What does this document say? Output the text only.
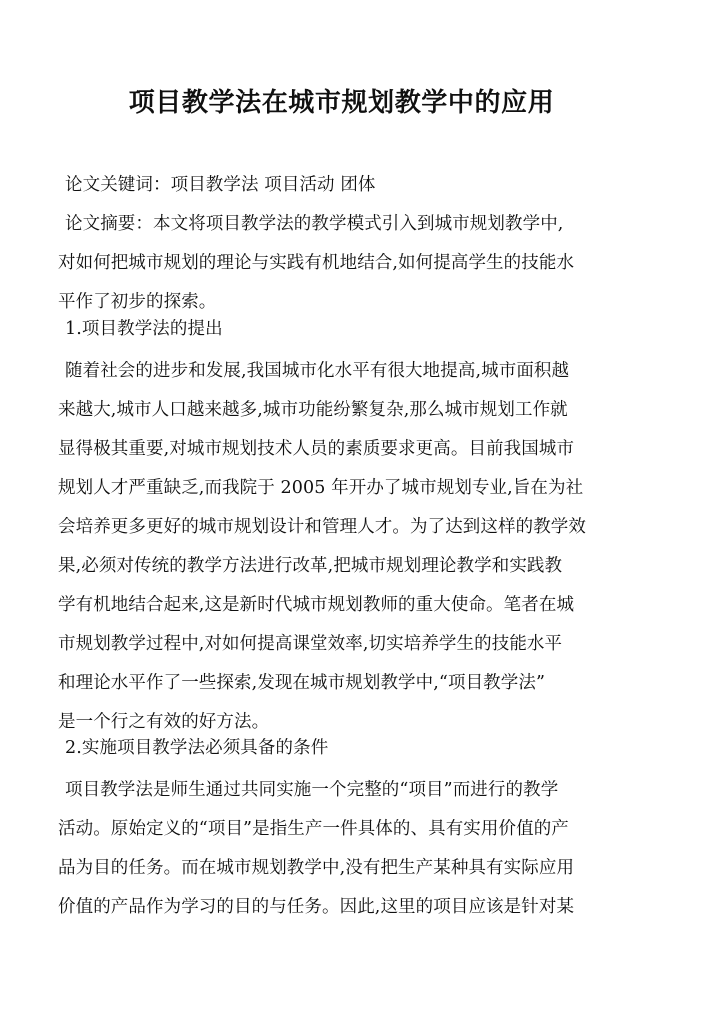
项目教学法在城市规划教学中的应用
论文关键词：项目教学法 项目活动 团体
论文摘要：本文将项目教学法的教学模式引入到城市规划教学中,
对如何把城市规划的理论与实践有机地结合,如何提高学生的技能水
平作了初步的探索。
1.项目教学法的提出
随着社会的进步和发展,我国城市化水平有很大地提高,城市面积越
来越大,城市人口越来越多,城市功能纷繁复杂,那么城市规划工作就
显得极其重要,对城市规划技术人员的素质要求更高。目前我国城市
规划人才严重缺乏,而我院于 2005 年开办了城市规划专业,旨在为社
会培养更多更好的城市规划设计和管理人才。为了达到这样的教学效
果,必须对传统的教学方法进行改革,把城市规划理论教学和实践教
学有机地结合起来,这是新时代城市规划教师的重大使命。笔者在城
市规划教学过程中,对如何提高课堂效率,切实培养学生的技能水平
和理论水平作了一些探索,发现在城市规划教学中,“项目教学法”
是一个行之有效的好方法。
2.实施项目教学法必须具备的条件
项目教学法是师生通过共同实施一个完整的“项目”而进行的教学
活动。原始定义的“项目”是指生产一件具体的、具有实用价值的产
品为目的任务。而在城市规划教学中,没有把生产某种具有实际应用
价值的产品作为学习的目的与任务。因此,这里的项目应该是针对某
